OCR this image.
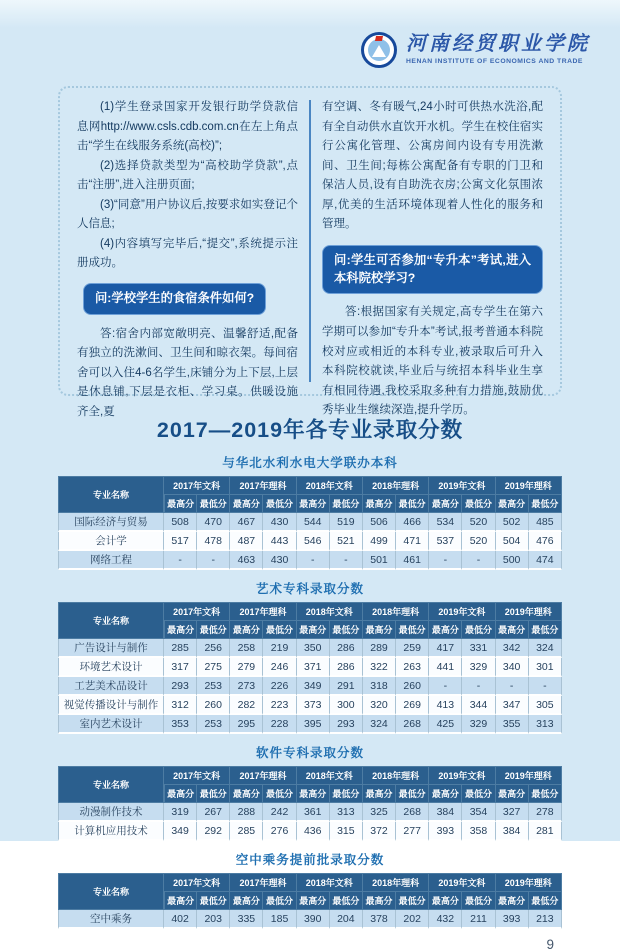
河南经贸职业学院
HENAN INSTITUTE OF ECONOMICS AND TRADE

(1)学生登录国家开发银行助学贷款信息网http://www.csls.cdb.com.cn在左上角点击“学生在线服务系统(高校)”;

(2)选择贷款类型为“高校助学贷款”,点击“注册”,进入注册页面;

(3)“同意”用户协议后,按要求如实登记个人信息;

(4)内容填写完毕后,“提交”,系统提示注册成功。

问:学校学生的食宿条件如何?

答:宿舍内部宽敞明亮、温馨舒适,配备有独立的洗漱间、卫生间和晾衣架。每间宿舍可以入住4-6名学生,床铺分为上下层,上层是休息铺,下层是衣柜、学习桌。供暖设施齐全,夏

有空调、冬有暖气,24小时可供热水洗浴,配有全自动供水直饮开水机。学生在校住宿实行公寓化管理、公寓房间内设有专用洗漱间、卫生间;每栋公寓配备有专职的门卫和保洁人员,设有自助洗衣房;公寓文化氛围浓厚,优美的生活环境体现着人性化的服务和管理。

问:学生可否参加“专升本”考试,进入本科院校学习?

答:根据国家有关规定,高专学生在第六学期可以参加“专升本”考试,报考普通本科院校对应或相近的本科专业,被录取后可升入本科院校就读,毕业后与统招本科毕业生享有相同待遇,我校采取多种有力措施,鼓励优秀毕业生继续深造,提升学历。

2017—2019年各专业录取分数
与华北水利水电大学联办本科
专业名称	2017年文科		2017年理科		2018年文科		2018年理科		2019年文科		2019年理科	
	最高分	最低分	最高分	最低分	最高分	最低分	最高分	最低分	最高分	最低分	最高分	最低分
国际经济与贸易	508	470	467	430	544	519	506	466	534	520	502	485
会计学	517	478	487	443	546	521	499	471	537	520	504	476
网络工程	-	-	463	430	-	-	501	461	-	-	500	474
艺术专科录取分数
专业名称	2017年文科		2017年理科		2018年文科		2018年理科		2019年文科		2019年理科	
	最高分	最低分	最高分	最低分	最高分	最低分	最高分	最低分	最高分	最低分	最高分	最低分
广告设计与制作	285	256	258	219	350	286	289	259	417	331	342	324
环境艺术设计	317	275	279	246	371	286	322	263	441	329	340	301
工艺美术品设计	293	253	273	226	349	291	318	260	-	-	-	-
视觉传播设计与制作	312	260	282	223	373	300	320	269	413	344	347	305
室内艺术设计	353	253	295	228	395	293	324	268	425	329	355	313
软件专科录取分数
专业名称	2017年文科		2017年理科		2018年文科		2018年理科		2019年文科		2019年理科	
	最高分	最低分	最高分	最低分	最高分	最低分	最高分	最低分	最高分	最低分	最高分	最低分
动漫制作技术	319	267	288	242	361	313	325	268	384	354	327	278
计算机应用技术	349	292	285	276	436	315	372	277	393	358	384	281
空中乘务提前批录取分数
专业名称	2017年文科		2017年理科		2018年文科		2018年理科		2019年文科		2019年理科	
	最高分	最低分	最高分	最低分	最高分	最低分	最高分	最低分	最高分	最低分	最高分	最低分
空中乘务	402	203	335	185	390	204	378	202	432	211	393	213
9
